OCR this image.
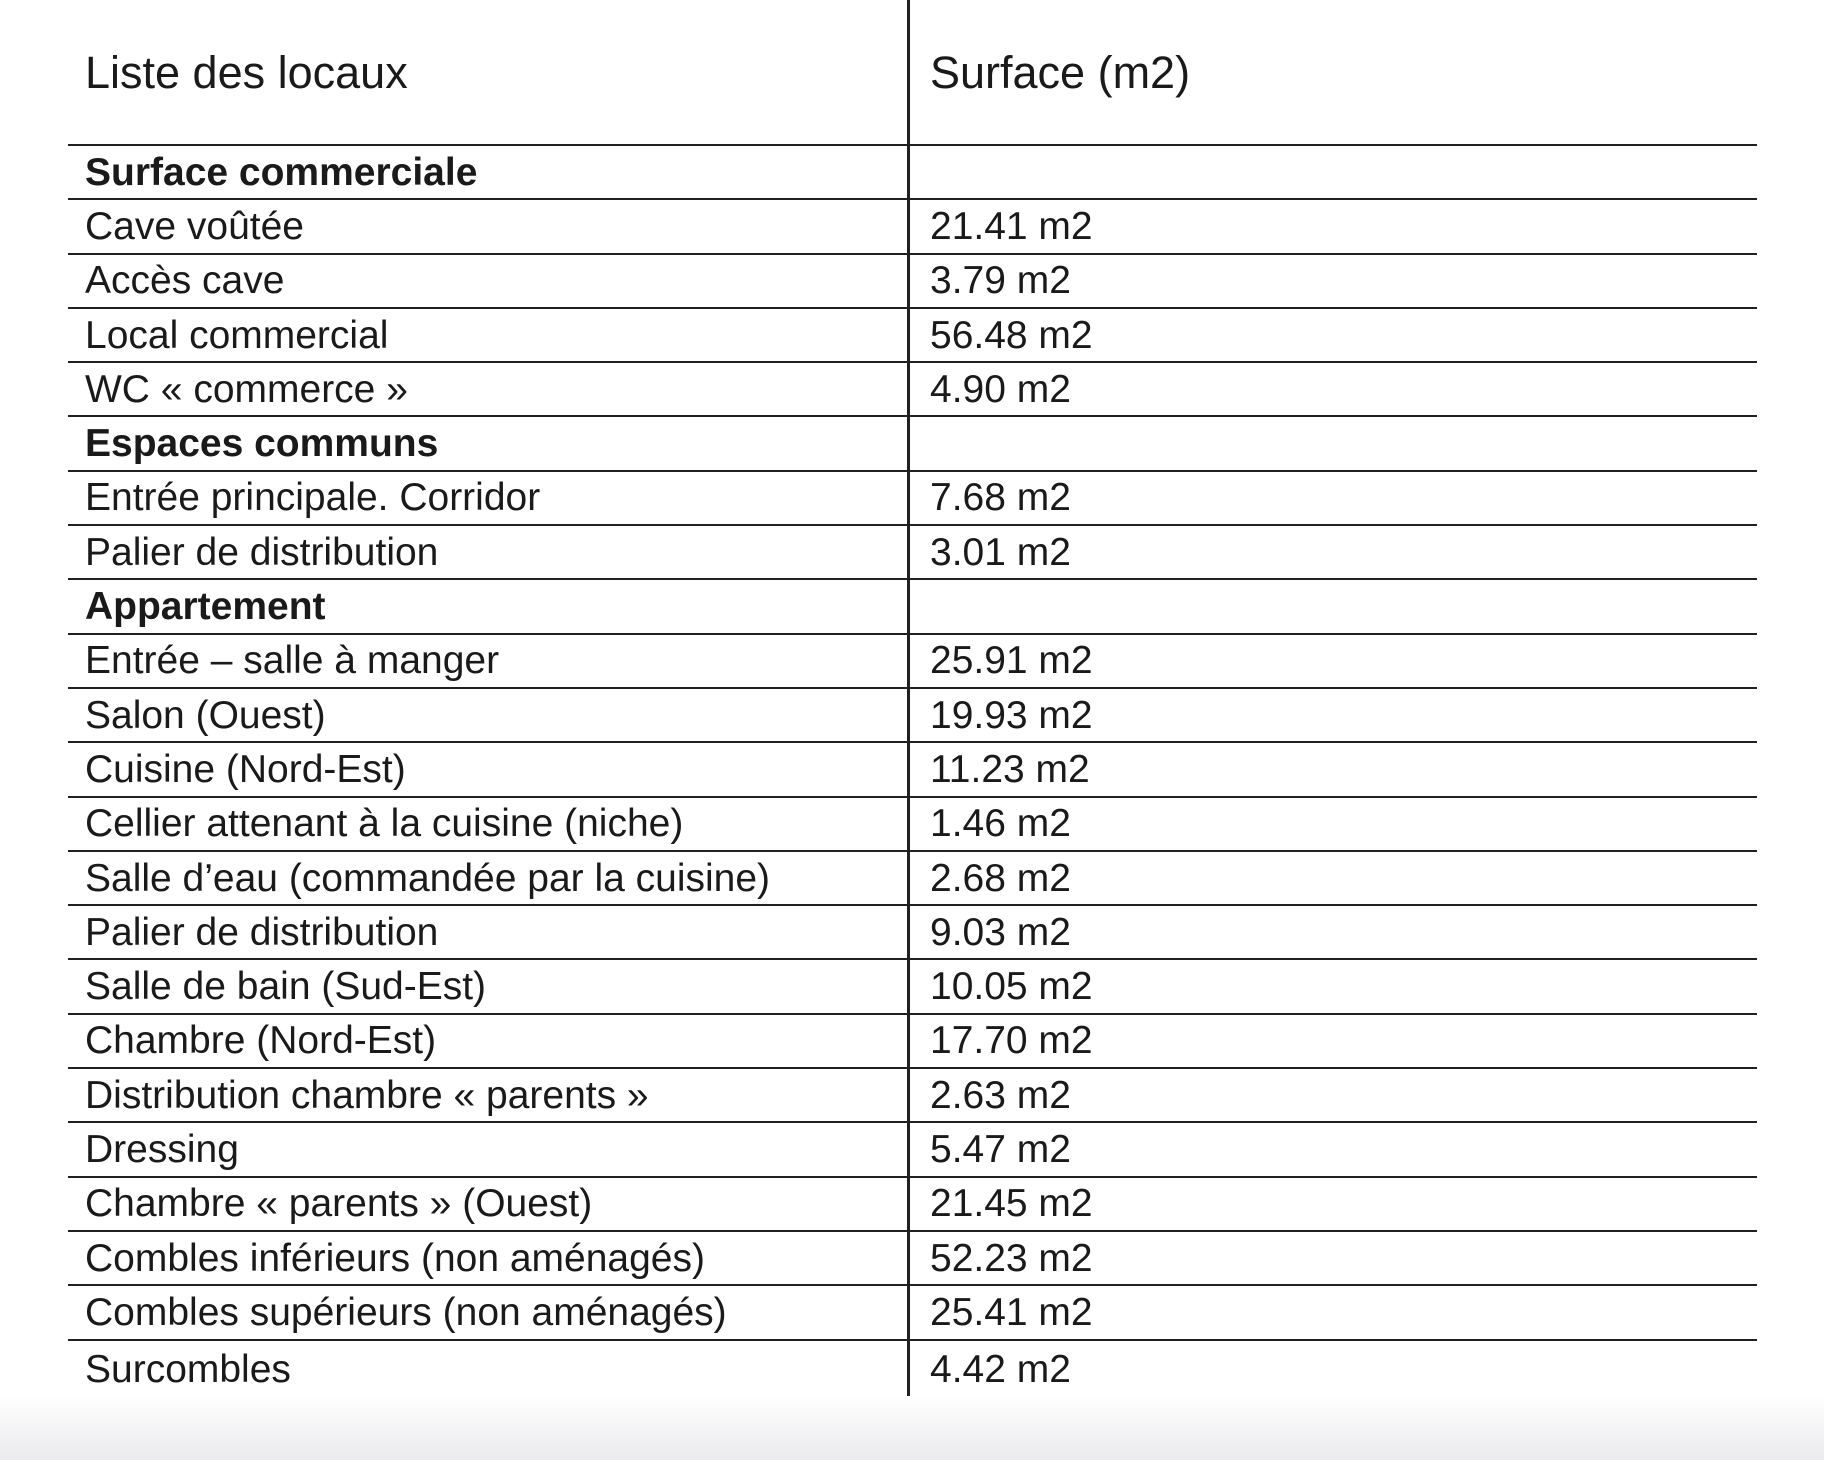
Liste des locaux	Surface (m2)
Surface commerciale
Cave voûtée	21.41 m2
Accès cave	3.79 m2
Local commercial	56.48 m2
WC « commerce »	4.90 m2
Espaces communs
Entrée principale. Corridor	7.68 m2
Palier de distribution	3.01 m2
Appartement
Entrée – salle à manger	25.91 m2
Salon (Ouest)	19.93 m2
Cuisine (Nord-Est)	11.23 m2
Cellier attenant à la cuisine (niche)	1.46 m2
Salle d’eau (commandée par la cuisine)	2.68 m2
Palier de distribution	9.03 m2
Salle de bain (Sud-Est)	10.05 m2
Chambre (Nord-Est)	17.70 m2
Distribution chambre « parents »	2.63 m2
Dressing	5.47 m2
Chambre « parents » (Ouest)	21.45 m2
Combles inférieurs (non aménagés)	52.23 m2
Combles supérieurs (non aménagés)	25.41 m2
Surcombles	4.42 m2
